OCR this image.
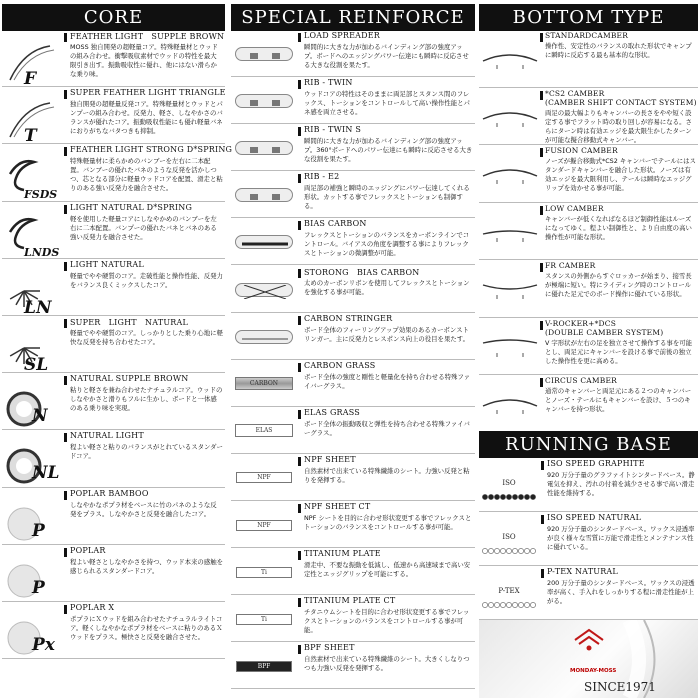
CORE
F
FEATHER LIGHT　SUPPLE BROWN
MOSS 独自開発の超軽量コア。特殊軽量材とウッドの組み合わせ。衝撃吸収素材でウッドの特性を最大限引き出す。振動吸収性に優れ、他にはない滑らかな乗り味。
T
SUPER FEATHER LIGHT TRIANGLE
独自開発の超軽量反発コア。特殊軽量材とウッドとパンプーの組み合わせ。反発力、軽さ、しなやかさのバランスが優れたコア。振動吸収性能にも優れ軽量バネにおりがちなバタつきも抑制。
FSDS
FEATHER LIGHT STRONG D*SPRING
特殊軽量材に柔らかめのバンブーを左右に二本配置。バンブーの優れたバネのような反発を活かしつつ、芯となる部分に軽量ウッドコアを配置、滑走と粘りのある強い反発力を融合させた。
LNDS
LIGHT NATURAL D*SPRING
軽を使用した軽量コアにしなやかめのバンブーを左右に二本配置。バンプーの優れたバネとバネのある強い反発力を融合させた。
LN
LIGHT NATURAL
軽量でやや硬質のコア。走破性能と操作性能、反発力をバランス良くミックスしたコア。
SL
SUPER　LIGHT　NATURAL
軽量でやや硬質のコア。しっかりとした乗り心地に軽快な反発を持ち合わせたコア。
N
NATURAL SUPPLE BROWN
粘りと軽さを兼ね合わせたナチュラルコア。ウッドのしなやかさと滑りもフルに生かし、ボードと一体感のある乗り味を実現。
NL
NATURAL LIGHT
程よい軽さと粘りのバランスがとれているスタンダードコア。
P
POPLAR BAMBOO
しなやかなポプラ材をベースに竹のパネのような反発をプラス。しなやかさと反発を融合したコア。
P
POPLAR
程よい軽さとしなやかさを持つ、ウッド本来の感触を感じられるスタンダードコア。
Px
POPLAR X
ポプラにＸウッドを組み合わせたナチュラルライトコア。軽くしなやかなポプラ材をベースに粘りのあるＸウッドをプラス。極快さと反発を融合させた。
SPECIAL REINFORCE
LOAD SPREADER
瞬間的に大きな力が加わるバインディング部の強度アップ。ボードへのエッジングパワー伝達にも瞬時に反応させる大きな役割を果たす。
RIB - TWIN
ウッドコアの特性はそのままに両足部とスタンス間のフレックス、トーションをコントロールして高い操作性能とパネ感を両立させる。
RIB - TWIN S
瞬間的に大きな力が加わるバインディング部の強度アップ。360°ボードへのパワー伝達にも瞬時に反応させる大きな役割を果たす。
RIB - E2
両足部の補強と瞬時のエッジングにパワー伝達してくれる形状。カットする事でフレックスとトーションも制御する。
BIAS CARBON
フレックスとトーションのバランスをカーボンラインでコントロール。バイアスの角度を調整する事によりフレックスとトーションの微調整が可能。
STORONG　BIAS CARBON
太めのカーボンリボンを使用してフレックスとトーションを強化する事が可能。
CARBON STRINGER
ボード全体のフィーリングアップ効果のあるカーボンストリンガー。主に反発力とレスポンス向上の役目を果たす。
CARBON
CARBON GRASS
ボード全体の強度と剛性と軽量化を持ち合わせる特殊ファイバーグラス。
ELAS
ELAS GRASS
ボード全体の振動吸収と弾性を持ち合わせる特殊ファイバーグラス。
NPF
NPF SHEET
自然素材で出来ている特殊繊維のシート。力強い反発と粘りを発揮する。
NPF
NPF SHEET CT
NPF シートを目的に合わせ形状変更する事でフレックスとトーションのバランスをコントロールする事が可能。
Ti
TITANIUM PLATE
滑走中、不要な振動を低減し、低速から高速域まで高い安定性とエッジグリップを可能にする。
Ti
TITANIUM PLATE CT
チタニウムシートを目的に合わせ形状変更する事でフレックスとトーションのバランスをコントロールする事が可能。
BPF
BPF SHEET
自然素材で出来ている特殊繊維のシート。大きくしなりつつも力強い反発を発揮する。
BOTTOM TYPE
STANDARDCAMBER
操作性、安定性のバランスの取れた形状でキャンプに瞬時に反応する最も基本的な形状。
*CS2 CAMBER
(CAMBER SHIFT CONTACT SYSTEM)
両足の最大幅よりもキャンバーの長さをやや短く設定する事でフラット時の取り回しが容易になる。さらにターン時は有効エッジを最大限生かしたターンが可能な擬合移動式キャンバー。
FUSION CAMBER
ノーズが擬合移動式*CS2 キャンバーでテールにはスタンダードキャンバーを融合した形状。ノーズは有効エッジを最大限利用し、テールは瞬時なエッジグリップを効かせる事が可能。
LOW CAMBER
キャンバーが低くなればなるほど制御性能はルーズになってゆく。程よい制御性と、より自由度の高い操作性が可能な形状。
FR CAMBER
スタンスの外側からすぐロッカーが始まり、接雪長が極端に短い。特にライディング時のコントロールに優れた足元でのボード操作に優れている形状。
V-ROCKER+*DCS
(DOUBLE CAMBER SYSTEM)
V 字形状が左右の足を独立させて操作する事を可能とし、両足元にキャンバーを設ける事で前後の独立した操作性を更に高める。
CIRCUS CAMBER
通常のキャンバーと両足元にある２つのキャンバーとノーズ・テールにもキャンバーを設け、５つのキャンバーを持つ形状。
RUNNING BASE
ISO
ISO SPEED GRAPHITE
920 万分子量のグラファイトシンタードベース。静電気を抑え、汚れの付着を減少させる事で高い滑走性能を維持する。
ISO
ISO SPEED NATURAL
920 万分子量のシンタードベース。ワックス浸透率が良く様々な雪質に万能で滑走性とメンテナンス性に優れている。
P-TEX
P-TEX NATURAL
200 万分子量のシンタードベース。ワックスの浸透率が高く、手入れをしっかりする程に滑走性能が上がる。
MONDAY-MOSS
SINCE1971
